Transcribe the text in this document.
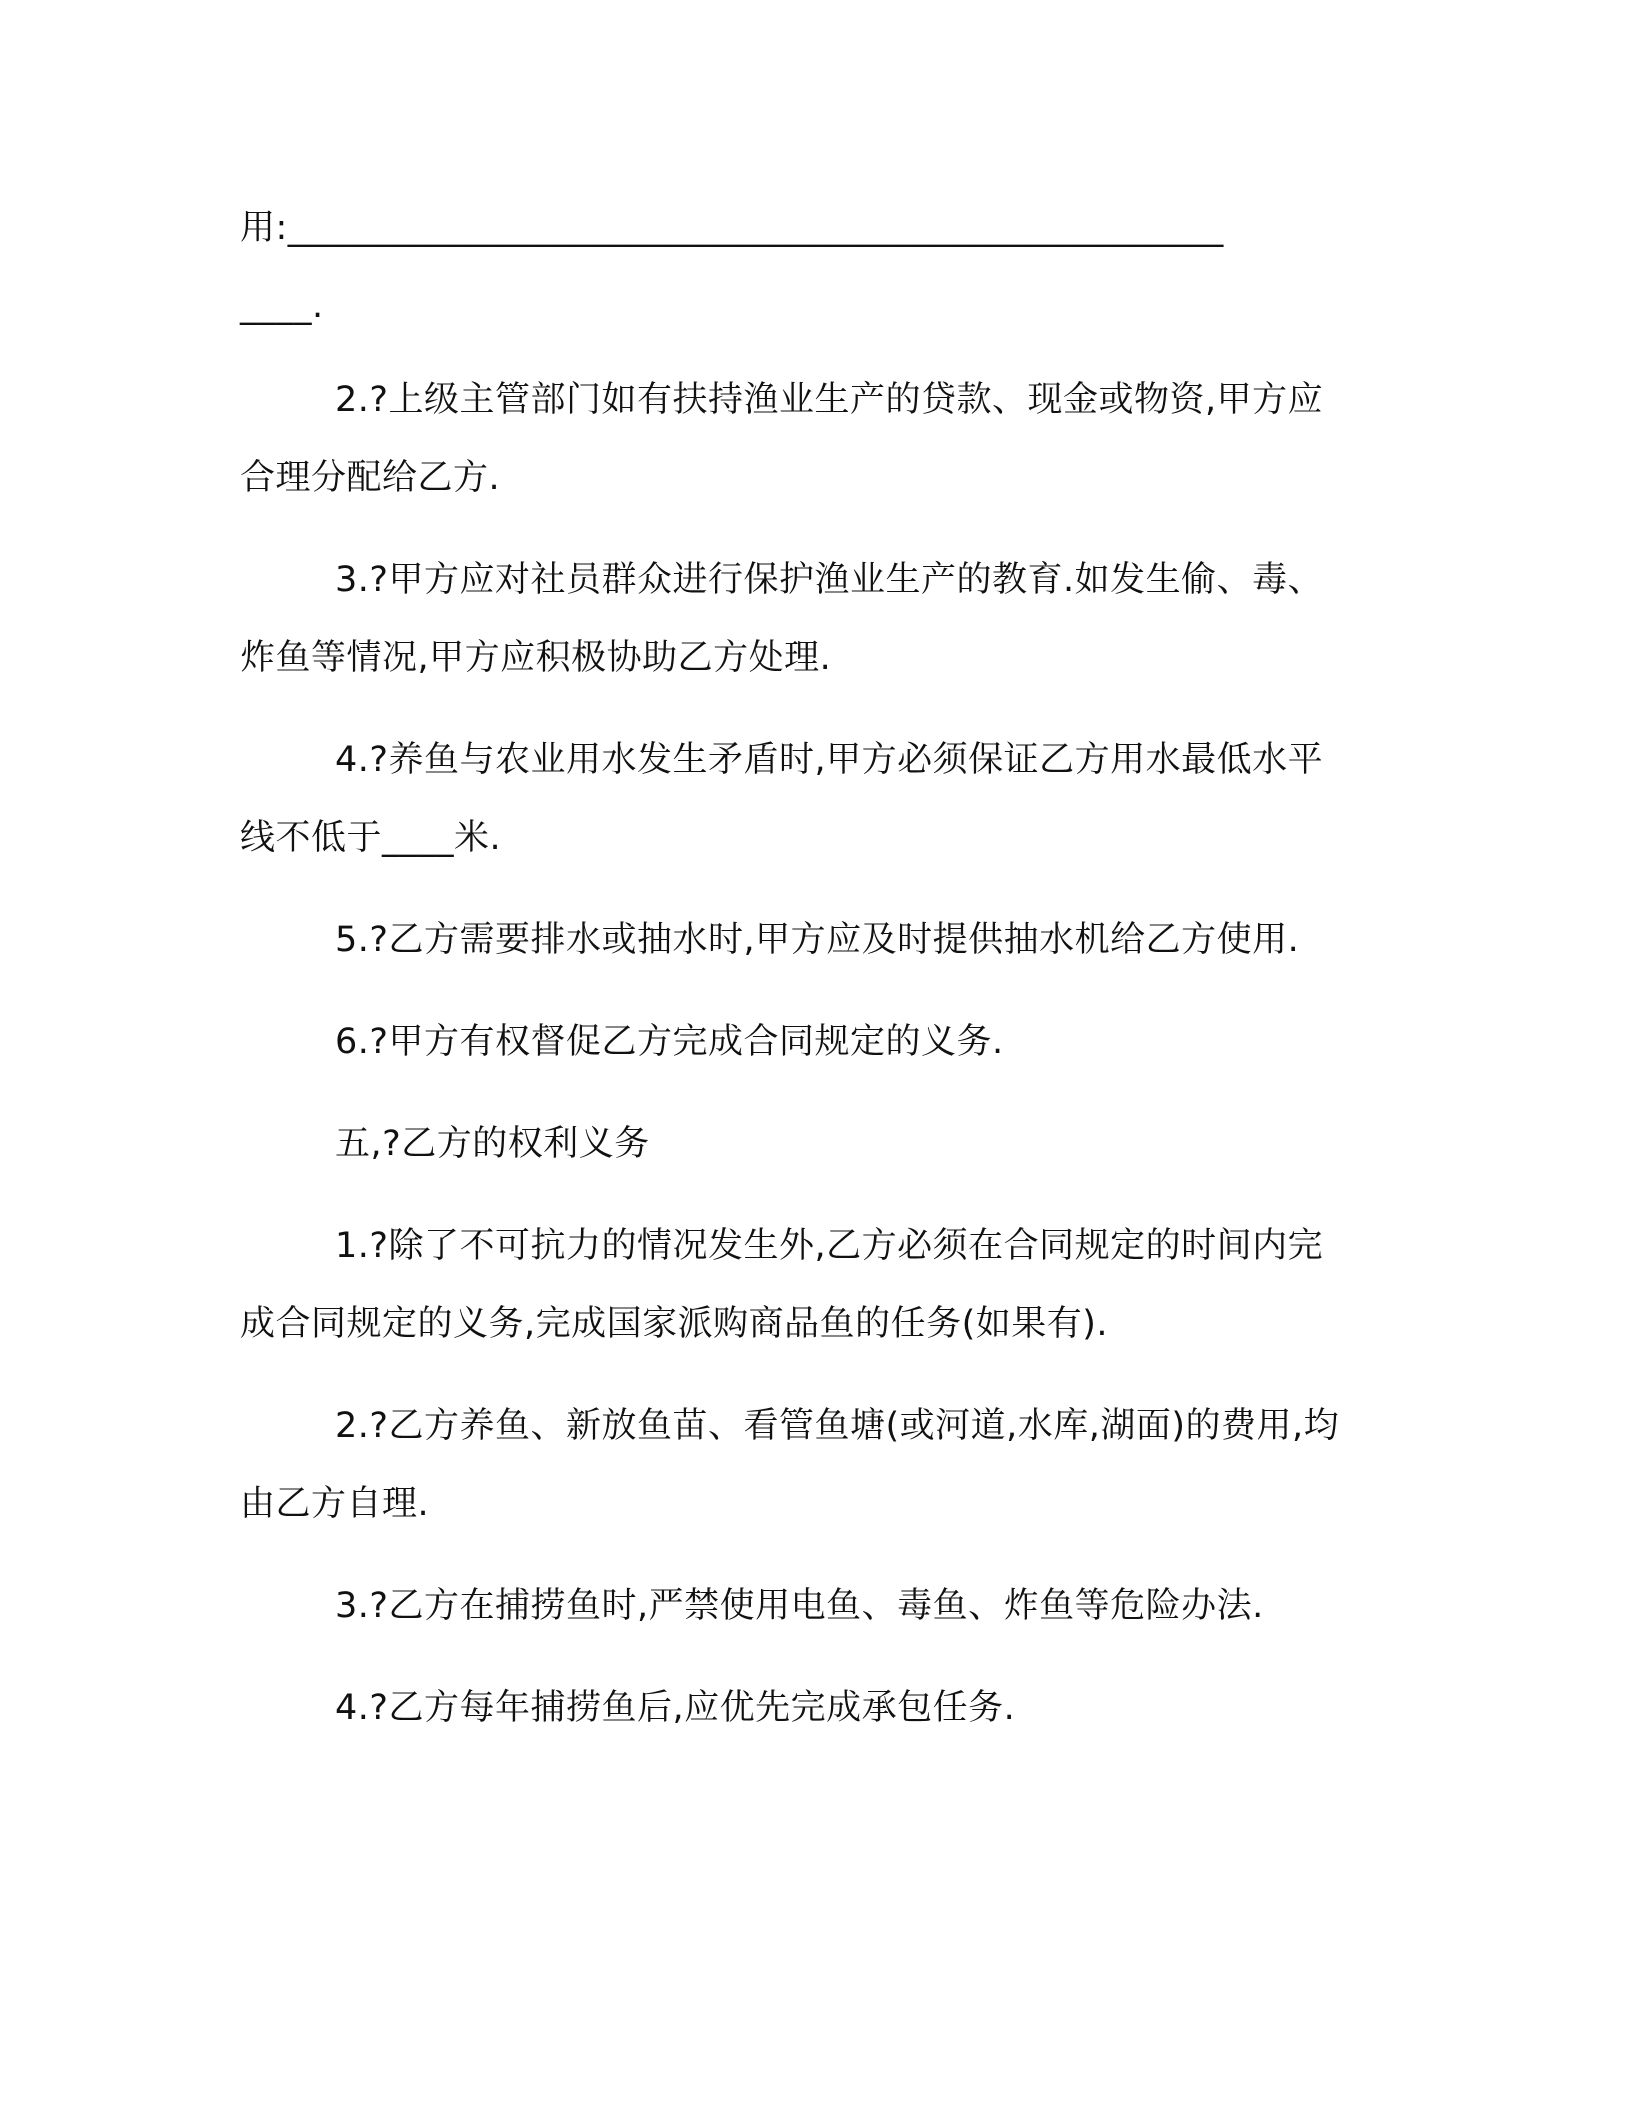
用:____________________________________________________

____.

2.?上级主管部门如有扶持渔业生产的贷款、现金或物资,甲方应

合理分配给乙方.

3.?甲方应对社员群众进行保护渔业生产的教育.如发生偷、毒、

炸鱼等情况,甲方应积极协助乙方处理.

4.?养鱼与农业用水发生矛盾时,甲方必须保证乙方用水最低水平

线不低于____米.

5.?乙方需要排水或抽水时,甲方应及时提供抽水机给乙方使用.

6.?甲方有权督促乙方完成合同规定的义务.

五,?乙方的权利义务

1.?除了不可抗力的情况发生外,乙方必须在合同规定的时间内完

成合同规定的义务,完成国家派购商品鱼的任务(如果有).

2.?乙方养鱼、新放鱼苗、看管鱼塘(或河道,水库,湖面)的费用,均

由乙方自理.

3.?乙方在捕捞鱼时,严禁使用电鱼、毒鱼、炸鱼等危险办法.

4.?乙方每年捕捞鱼后,应优先完成承包任务.
